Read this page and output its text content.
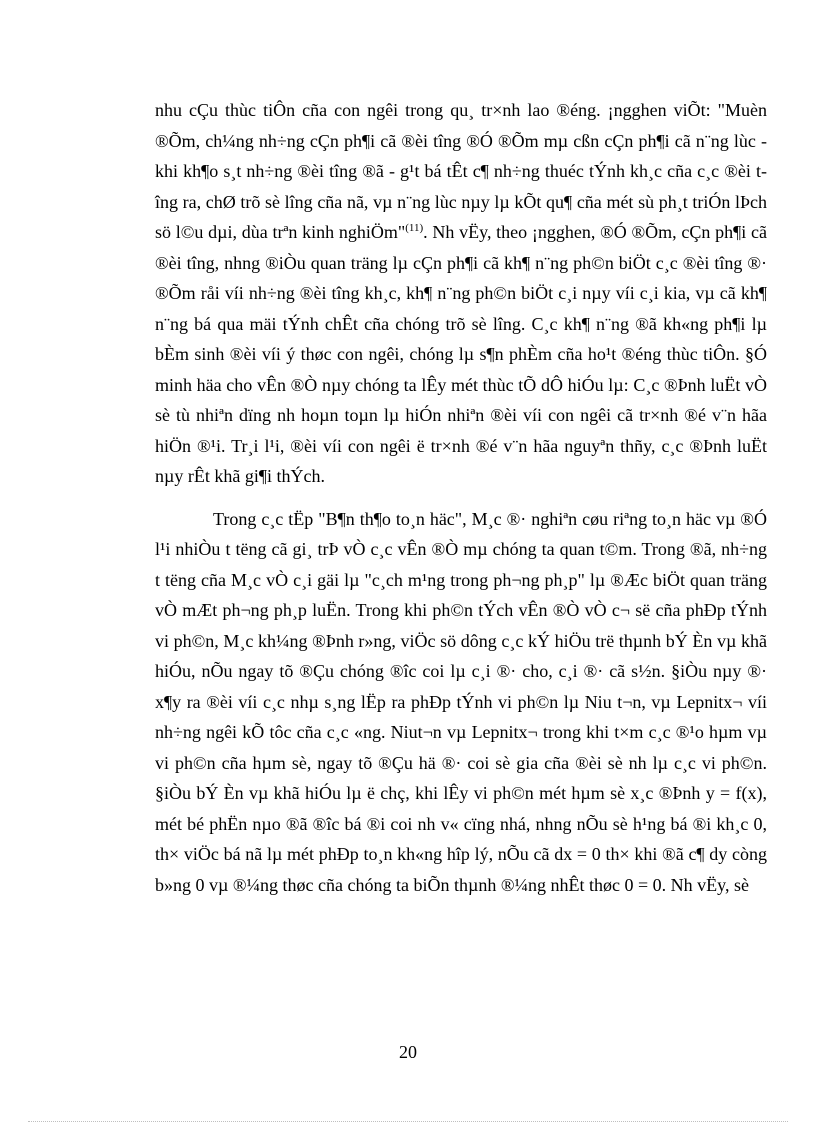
nhu cÇu thùc tiÔn cña con ngêi trong qu¸ tr×nh lao ®éng. ¡ngghen viÕt: "Muèn ®Õm, ch¼ng nh÷ng cÇn ph¶i cã ®èi tîng ®Ó ®Õm mµ cßn cÇn ph¶i cã n¨ng lùc - khi kh¶o s¸t nh÷ng ®èi tîng ®ã - g¹t bá tÊt c¶ nh÷ng thuéc tÝnh kh¸c cña c¸c ®èi tîng ra, chØ trõ sè lîng cña nã, vµ n¨ng lùc nµy lµ kÕt qu¶ cña mét sù ph¸t triÓn lÞch sö l©u dµi, dùa trªn kinh nghiÖm"$^{(11)}$. Nh vËy, theo ¡ngghen, ®Ó ®Õm, cÇn ph¶i cã ®èi tîng, nhng ®iÒu quan träng lµ cÇn ph¶i cã kh¶ n¨ng ph©n biÖt c¸c ®èi tîng ®· ®Õm råi víi nh÷ng ®èi tîng kh¸c, kh¶ n¨ng ph©n biÖt c¸i nµy víi c¸i kia, vµ cã kh¶ n¨ng bá qua mäi tÝnh chÊt cña chóng trõ sè lîng. C¸c kh¶ n¨ng ®ã kh«ng ph¶i lµ bÈm sinh ®èi víi ý thøc con ngêi, chóng lµ s¶n phÈm cña ho¹t ®éng thùc tiÔn. §Ó minh häa cho vÊn ®Ò nµy chóng ta lÊy mét thùc tÕ dÔ hiÓu lµ: C¸c ®Þnh luËt vÒ sè tù nhiªn dïng nh hoµn toµn lµ hiÓn nhiªn ®èi víi con ngêi cã tr×nh ®é v¨n hãa hiÖn ®¹i. Tr¸i l¹i, ®èi víi con ngêi ë tr×nh ®é v¨n hãa nguyªn thñy, c¸c ®Þnh luËt nµy rÊt khã gi¶i thÝch.

Trong c¸c tËp "B¶n th¶o to¸n häc", M¸c ®· nghiªn cøu riªng to¸n häc vµ ®Ó l¹i nhiÒu t tëng cã gi¸ trÞ vÒ c¸c vÊn ®Ò mµ chóng ta quan t©m. Trong ®ã, nh÷ng t tëng cña M¸c vÒ c¸i gäi lµ "c¸ch m¹ng trong ph¬ng ph¸p" lµ ®Æc biÖt quan träng vÒ mÆt ph¬ng ph¸p luËn. Trong khi ph©n tÝch vÊn ®Ò vÒ c¬ së cña phÐp tÝnh vi ph©n, M¸c kh¼ng ®Þnh r»ng, viÖc sö dông c¸c kÝ hiÖu trë thµnh bÝ Èn vµ khã hiÓu, nÕu ngay tõ ®Çu chóng ®îc coi lµ c¸i ®· cho, c¸i ®· cã s½n. §iÒu nµy ®· x¶y ra ®èi víi c¸c nhµ s¸ng lËp ra phÐp tÝnh vi ph©n lµ Niu t¬n, vµ Lepnitx¬ víi nh÷ng ngêi kÕ tôc cña c¸c «ng. Niut¬n vµ Lepnitx¬ trong khi t×m c¸c ®¹o hµm vµ vi ph©n cña hµm sè, ngay tõ ®Çu hä ®· coi sè gia cña ®èi sè nh lµ c¸c vi ph©n. §iÒu bÝ Èn vµ khã hiÓu lµ ë chç, khi lÊy vi ph©n mét hµm sè x¸c ®Þnh y = f(x), mét bé phËn nµo ®ã ®îc bá ®i coi nh v« cïng nhá, nhng nÕu sè h¹ng bá ®i kh¸c 0, th× viÖc bá nã lµ mét phÐp to¸n kh«ng hîp lý, nÕu cã dx = 0 th× khi ®ã c¶ dy còng b»ng 0 vµ ®¼ng thøc cña chóng ta biÕn thµnh ®¼ng nhÊt thøc 0 = 0. Nh vËy, sè

20
